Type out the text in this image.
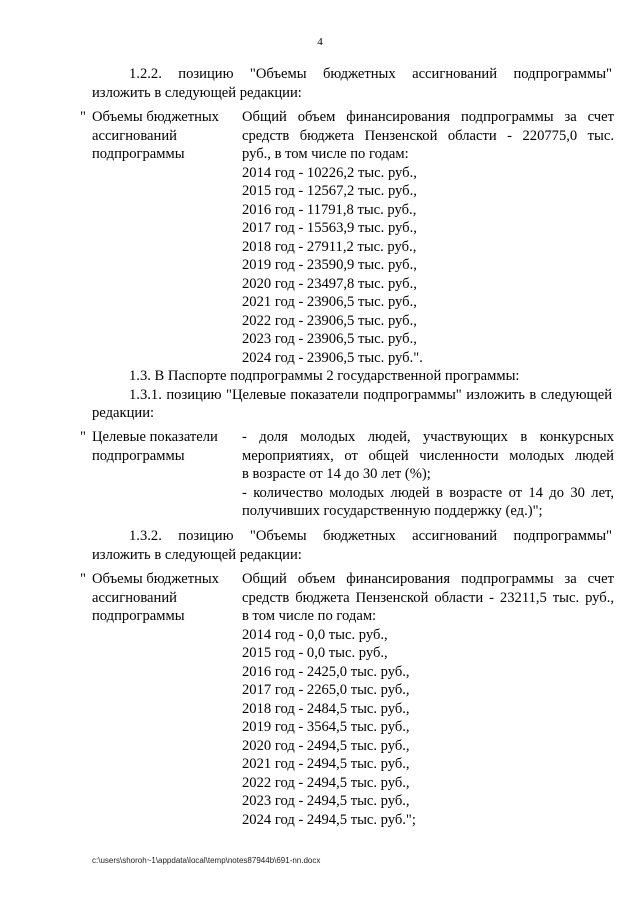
4
1.2.2. позицию "Объемы бюджетных ассигнований подпрограммы"
изложить в следующей редакции:
" Объемы бюджетных
ассигнований
подпрограммы
Общий объем финансирования подпрограммы за счет
средств бюджета Пензенской области - 220775,0 тыс.
руб., в том числе по годам:
2014 год - 10226,2 тыс. руб.,
2015 год - 12567,2 тыс. руб.,
2016 год - 11791,8 тыс. руб.,
2017 год - 15563,9 тыс. руб.,
2018 год - 27911,2 тыс. руб.,
2019 год - 23590,9 тыс. руб.,
2020 год - 23497,8 тыс. руб.,
2021 год - 23906,5 тыс. руб.,
2022 год - 23906,5 тыс. руб.,
2023 год - 23906,5 тыс. руб.,
2024 год - 23906,5 тыс. руб.".
1.3. В Паспорте подпрограммы 2 государственной программы:
1.3.1. позицию "Целевые показатели подпрограммы" изложить в следующей
редакции:
" Целевые показатели
подпрограммы
- доля молодых людей, участвующих в конкурсных
мероприятиях, от общей численности молодых людей
в возрасте от 14 до 30 лет (%);
- количество молодых людей в возрасте от 14 до 30 лет,
получивших государственную поддержку (ед.)";
1.3.2. позицию "Объемы бюджетных ассигнований подпрограммы"
изложить в следующей редакции:
" Объемы бюджетных
ассигнований
подпрограммы
Общий объем финансирования подпрограммы за счет
средств бюджета Пензенской области - 23211,5 тыс. руб.,
в том числе по годам:
2014 год - 0,0 тыс. руб.,
2015 год - 0,0 тыс. руб.,
2016 год - 2425,0 тыс. руб.,
2017 год - 2265,0 тыс. руб.,
2018 год - 2484,5 тыс. руб.,
2019 год - 3564,5 тыс. руб.,
2020 год - 2494,5 тыс. руб.,
2021 год - 2494,5 тыс. руб.,
2022 год - 2494,5 тыс. руб.,
2023 год - 2494,5 тыс. руб.,
2024 год - 2494,5 тыс. руб.";
c:\users\shoroh~1\appdata\local\temp\notes87944b\691-nn.docx
